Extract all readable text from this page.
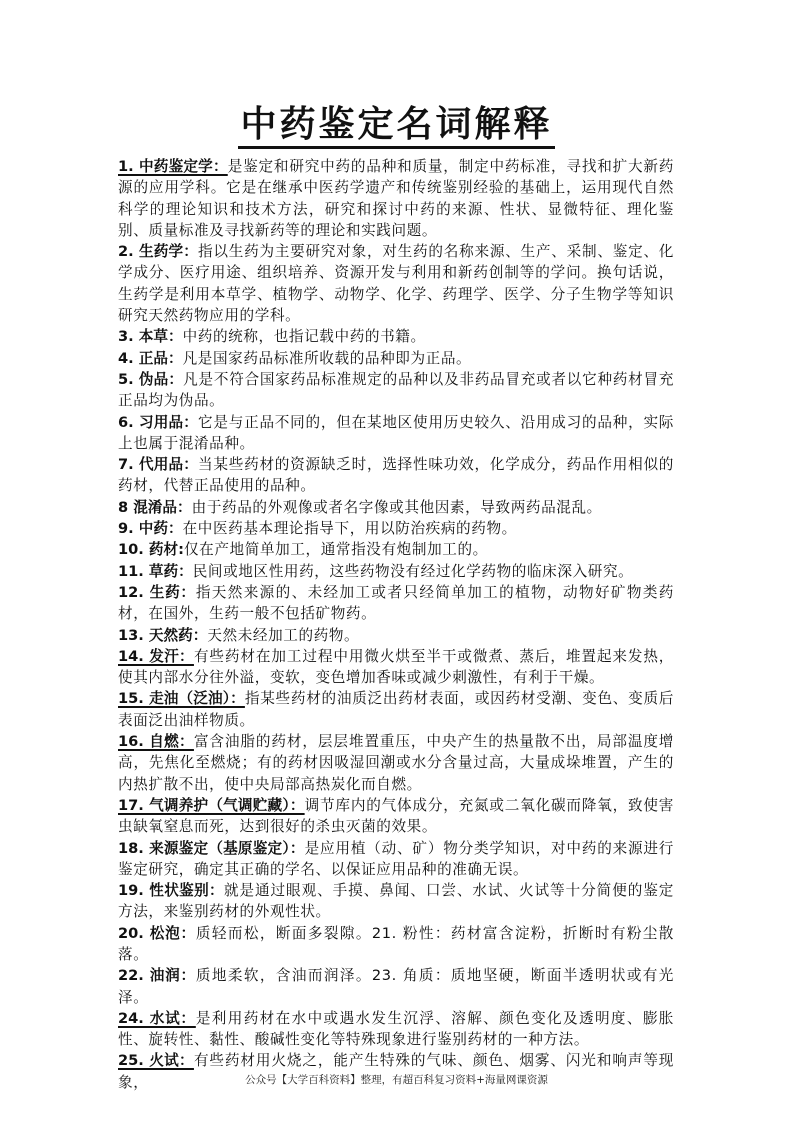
中药鉴定名词解释

1. 中药鉴定学：是鉴定和研究中药的品种和质量，制定中药标准，寻找和扩大新药源的应用学科。它是在继承中医药学遗产和传统鉴别经验的基础上，运用现代自然科学的理论知识和技术方法，研究和探讨中药的来源、性状、显微特征、理化鉴别、质量标准及寻找新药等的理论和实践问题。

2. 生药学：指以生药为主要研究对象，对生药的名称来源、生产、采制、鉴定、化学成分、医疗用途、组织培养、资源开发与利用和新药创制等的学问。换句话说，生药学是利用本草学、植物学、动物学、化学、药理学、医学、分子生物学等知识研究天然药物应用的学科。

3. 本草：中药的统称，也指记载中药的书籍。

4. 正品：凡是国家药品标准所收载的品种即为正品。

5. 伪品：凡是不符合国家药品标准规定的品种以及非药品冒充或者以它种药材冒充正品均为伪品。

6. 习用品：它是与正品不同的，但在某地区使用历史较久、沿用成习的品种，实际上也属于混淆品种。

7. 代用品：当某些药材的资源缺乏时，选择性味功效，化学成分，药品作用相似的药材，代替正品使用的品种。

8 混淆品：由于药品的外观像或者名字像或其他因素，导致两药品混乱。

9. 中药：在中医药基本理论指导下，用以防治疾病的药物。

10. 药材:仅在产地简单加工，通常指没有炮制加工的。

11. 草药：民间或地区性用药，这些药物没有经过化学药物的临床深入研究。

12. 生药：指天然来源的、未经加工或者只经简单加工的植物，动物好矿物类药材，在国外，生药一般不包括矿物药。

13. 天然药：天然未经加工的药物。

14. 发汗：有些药材在加工过程中用微火烘至半干或微煮、蒸后，堆置起来发热，使其内部水分往外溢，变软，变色增加香味或减少刺激性，有利于干燥。

15. 走油（泛油）：指某些药材的油质泛出药材表面，或因药材受潮、变色、变质后表面泛出油样物质。

16. 自燃：富含油脂的药材，层层堆置重压，中央产生的热量散不出，局部温度增高，先焦化至燃烧；有的药材因吸湿回潮或水分含量过高，大量成垛堆置，产生的内热扩散不出，使中央局部高热炭化而自燃。

17. 气调养护（气调贮藏）：调节库内的气体成分，充氮或二氧化碳而降氧，致使害虫缺氧窒息而死，达到很好的杀虫灭菌的效果。

18. 来源鉴定（基原鉴定）：是应用植（动、矿）物分类学知识，对中药的来源进行鉴定研究，确定其正确的学名、以保证应用品种的准确无误。

19. 性状鉴别：就是通过眼观、手摸、鼻闻、口尝、水试、火试等十分简便的鉴定方法，来鉴别药材的外观性状。

20. 松泡：质轻而松，断面多裂隙。21. 粉性：药材富含淀粉，折断时有粉尘散落。

22. 油润：质地柔软，含油而润泽。23. 角质：质地坚硬，断面半透明状或有光泽。

24. 水试：是利用药材在水中或遇水发生沉浮、溶解、颜色变化及透明度、膨胀性、旋转性、黏性、酸碱性变化等特殊现象进行鉴别药材的一种方法。

25. 火试：有些药材用火烧之，能产生特殊的气味、颜色、烟雾、闪光和响声等现象，	公众号【大学百科资料】整理，有超百科复习资料+海量网课资源
